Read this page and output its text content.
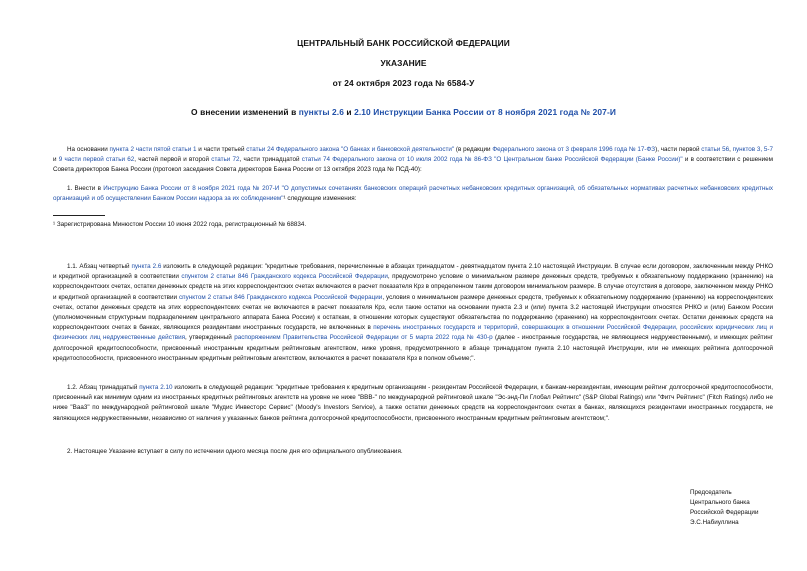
ЦЕНТРАЛЬНЫЙ БАНК РОССИЙСКОЙ ФЕДЕРАЦИИ
УКАЗАНИЕ
от 24 октября 2023 года № 6584-У
О внесении изменений в пункты 2.6 и 2.10 Инструкции Банка России от 8 ноября 2021 года № 207-И
На основании пункта 2 части пятой статьи 1 и части третьей статьи 24 Федерального закона "О банках и банковской деятельности" (в редакции Федерального закона от 3 февраля 1996 года № 17-ФЗ), части первой статьи 56, пунктов 3, 5-7 и 9 части первой статьи 62, частей первой и второй статьи 72, части тринадцатой статьи 74 Федерального закона от 10 июля 2002 года № 86-ФЗ "О Центральном банке Российской Федерации (Банке России)" и в соответствии с решением Совета директоров Банка России (протокол заседания Совета директоров Банка России от 13 октября 2023 года № ПСД-40):
1. Внести в Инструкцию Банка России от 8 ноября 2021 года № 207-И "О допустимых сочетаниях банковских операций расчетных небанковских кредитных организаций, об обязательных нормативах расчетных небанковских кредитных организаций и об осуществлении Банком России надзора за их соблюдением"¹ следующие изменения:
¹ Зарегистрирована Минюстом России 10 июня 2022 года, регистрационный № 68834.
1.1. Абзац четвертый пункта 2.6 изложить в следующей редакции: "кредитные требования, перечисленные в абзацах тринадцатом - девятнадцатом пункта 2.10 настоящей Инструкции. В случае если договором, заключенным между РНКО и кредитной организацией в соответствии спунктом 2 статьи 846 Гражданского кодекса Российской Федерации, предусмотрено условие о минимальном размере денежных средств, требуемых к обязательному поддержанию (хранению) на корреспондентских счетах, остатки денежных средств на этих корреспондентских счетах включаются в расчет показателя Крз в определенном таким договором минимальном размере. В случае отсутствия в договоре, заключенном между РНКО и кредитной организацией в соответствии спунктом 2 статьи 846 Гражданского кодекса Российской Федерации, условия о минимальном размере денежных средств, требуемых к обязательному поддержанию (хранению) на корреспондентских счетах, остатки денежных средств на этих корреспондентских счетах не включаются в расчет показателя Крз, если такие остатки на основании пункта 2.3 и (или) пункта 3.2 настоящей Инструкции относятся РНКО и (или) Банком России (уполномоченным структурным подразделением центрального аппарата Банка России) к остаткам, в отношении которых существуют обязательства по поддержанию (хранению) на корреспондентских счетах. Остатки денежных средств на корреспондентских счетах в банках, являющихся резидентами иностранных государств, не включенных в перечень иностранных государств и территорий, совершающих в отношении Российской Федерации, российских юридических лиц и физических лиц недружественные действия, утвержденный распоряжением Правительства Российской Федерации от 5 марта 2022 года № 430-р (далее - иностранные государства, не являющиеся недружественными), и имеющих рейтинг долгосрочной кредитоспособности, присвоенный иностранным кредитным рейтинговым агентством, ниже уровня, предусмотренного в абзаце тринадцатом пункта 2.10 настоящей Инструкции, или не имеющих рейтинга долгосрочной кредитоспособности, присвоенного иностранным кредитным рейтинговым агентством, включаются в расчет показателя Крз в полном объеме;".
1.2. Абзац тринадцатый пункта 2.10 изложить в следующей редакции: "кредитные требования к кредитным организациям - резидентам Российской Федерации, к банкам-нерезидентам, имеющим рейтинг долгосрочной кредитоспособности, присвоенный как минимум одним из иностранных кредитных рейтинговых агентств на уровне не ниже "BBB-" по международной рейтинговой шкале "Эс-энд-Пи Глобал Рейтингс" (S&P Global Ratings) или "Фитч Рейтингс" (Fitch Ratings) либо не ниже "Baa3" по международной рейтинговой шкале "Мудис Инвесторс Сервис" (Moody's Investors Service), а также остатки денежных средств на корреспондентских счетах в банках, являющихся резидентами иностранных государств, не являющихся недружественными, независимо от наличия у указанных банков рейтинга долгосрочной кредитоспособности, присвоенного иностранным кредитным рейтинговым агентством;".
2. Настоящее Указание вступает в силу по истечении одного месяца после дня его официального опубликования.
Председатель
Центрального банка
Российской Федерации
Э.С.Набиуллина
